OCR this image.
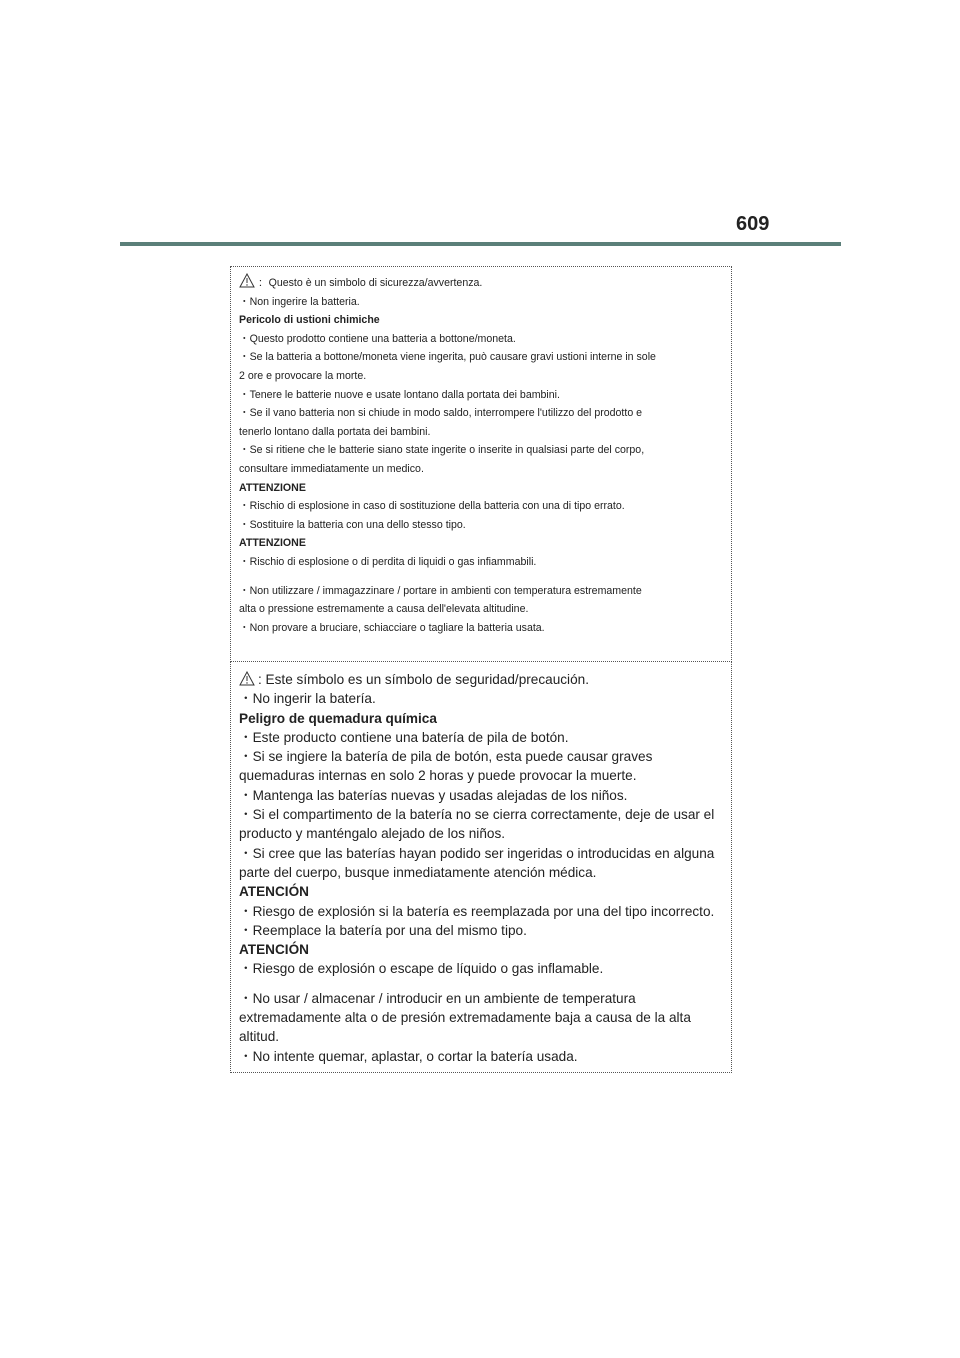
609
：Questo è un simbolo di sicurezza/avvertenza.
・Non ingerire la batteria.
Pericolo di ustioni chimiche
・Questo prodotto contiene una batteria a bottone/moneta.
・Se la batteria a bottone/moneta viene ingerita, può causare gravi ustioni interne in sole
2 ore e provocare la morte.
・Tenere le batterie nuove e usate lontano dalla portata dei bambini.
・Se il vano batteria non si chiude in modo saldo, interrompere l'utilizzo del prodotto e
tenerlo lontano dalla portata dei bambini.
・Se si ritiene che le batterie siano state ingerite o inserite in qualsiasi parte del corpo,
consultare immediatamente un medico.
ATTENZIONE
・Rischio di esplosione in caso di sostituzione della batteria con una di tipo errato.
・Sostituire la batteria con una dello stesso tipo.
ATTENZIONE
・Rischio di esplosione o di perdita di liquidi o gas infiammabili.
・Non utilizzare / immagazzinare / portare in ambienti con temperatura estremamente
alta o pressione estremamente a causa dell'elevata altitudine.
・Non provare a bruciare, schiacciare o tagliare la batteria usata.
: Este símbolo es un símbolo de seguridad/precaución.
・No ingerir la batería.
Peligro de quemadura química
・Este producto contiene una batería de pila de botón.
・Si se ingiere la batería de pila de botón, esta puede causar graves
quemaduras internas en solo 2 horas y puede provocar la muerte.
・Mantenga las baterías nuevas y usadas alejadas de los niños.
・Si el compartimento de la batería no se cierra correctamente, deje de usar el
producto y manténgalo alejado de los niños.
・Si cree que las baterías hayan podido ser ingeridas o introducidas en alguna
parte del cuerpo, busque inmediatamente atención médica.
ATENCIÓN
・Riesgo de explosión si la batería es reemplazada por una del tipo incorrecto.
・Reemplace la batería por una del mismo tipo.
ATENCIÓN
・Riesgo de explosión o escape de líquido o gas inflamable.
・No usar / almacenar / introducir en un ambiente de temperatura
extremadamente alta o de presión extremadamente baja a causa de la alta
altitud.
・No intente quemar, aplastar, o cortar la batería usada.
